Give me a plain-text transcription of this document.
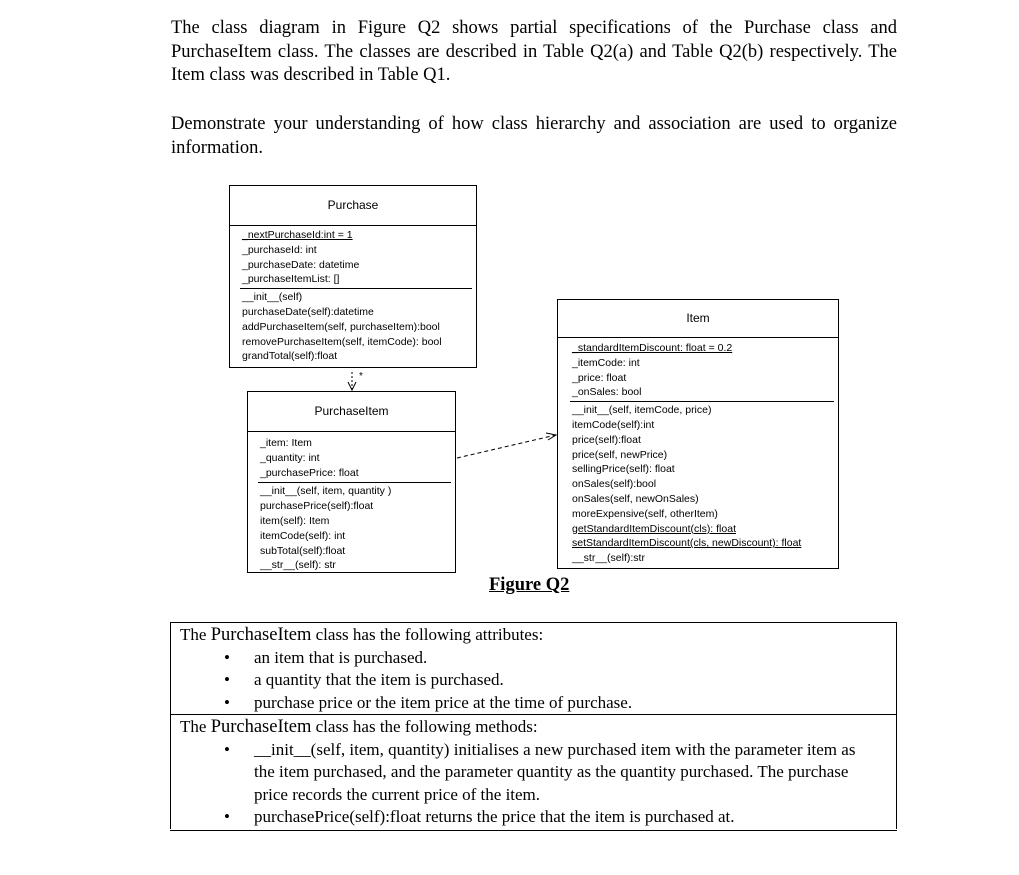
The class diagram in Figure Q2 shows partial specifications of the Purchase class and PurchaseItem class. The classes are described in Table Q2(a) and Table Q2(b) respectively. The Item class was described in Table Q1.
Demonstrate your understanding of how class hierarchy and association are used to organize information.
Purchase
_nextPurchaseId:int = 1
_purchaseId: int
_purchaseDate: datetime
_purchaseItemList: []
__init__(self)
purchaseDate(self):datetime
addPurchaseItem(self, purchaseItem):bool
removePurchaseItem(self, itemCode): bool
grandTotal(self):float
PurchaseItem
_item: Item
_quantity: int
_purchasePrice: float
__init__(self, item, quantity )
purchasePrice(self):float
item(self): Item
itemCode(self): int
subTotal(self):float
__str__(self): str
Item
_standardItemDiscount: float = 0.2
_itemCode: int
_price: float
_onSales: bool
__init__(self, itemCode, price)
itemCode(self):int
price(self):float
price(self, newPrice)
sellingPrice(self): float
onSales(self):bool
onSales(self, newOnSales)
moreExpensive(self, otherItem)
getStandardItemDiscount(cls): float
setStandardItemDiscount(cls, newDiscount): float
__str__(self):str
*
Figure Q2
The PurchaseItem class has the following attributes:
• an item that is purchased.
• a quantity that the item is purchased.
• purchase price or the item price at the time of purchase.
The PurchaseItem class has the following methods:
• __init__(self, item, quantity) initialises a new purchased item with the parameter item as the item purchased, and the parameter quantity as the quantity purchased. The purchase price records the current price of the item.
• purchasePrice(self):float returns the price that the item is purchased at.
